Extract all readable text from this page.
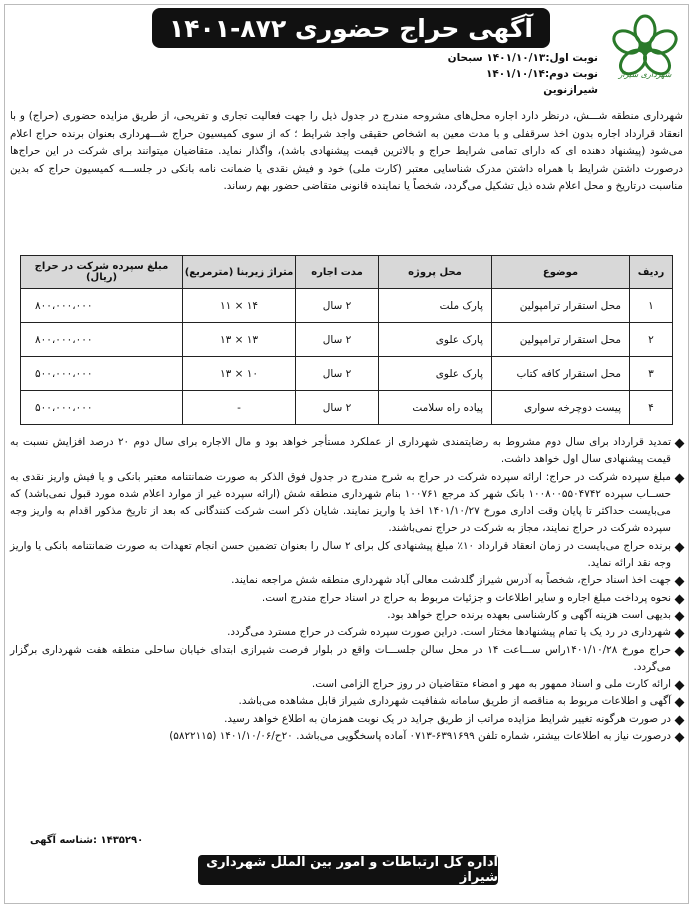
شهرداری شیراز
آگهی حراج حضوری ۸۷۲-۱۴۰۱
نوبت اول:۱۴۰۱/۱۰/۱۳ سبحان
نوبت دوم:۱۴۰۱/۱۰/۱۴ شیرازنوین

شهرداری منطقه شـــش، درنظر دارد اجاره محل‌های مشروحه مندرج در جدول ذیل را جهت فعالیت تجاری و تفریحی، از طریق مزایده حضوری (حراج) و با انعقاد قرارداد اجاره بدون اخذ سرقفلی و با مدت معین به اشخاص حقیقی واجد شرایط ؛ که از سوی کمیسیون حراج شـــهرداری بعنوان برنده حراج اعلام می‌شود (پیشنهاد دهنده ای که دارای تمامی شرایط حراج و بالاترین قیمت پیشنهادی باشد)، واگذار نماید. متقاضیان میتوانند برای شرکت در این حراج‌ها درصورت داشتن شرایط با همراه داشتن مدرک شناسایی معتبر (کارت ملی) خود و فیش نقدی یا ضمانت نامه بانکی در جلســـه کمیسیون حراج که بدین مناسبت درتاریخ و محل اعلام شده ذیل تشکیل می‌گردد، شخصاً یا نماینده قانونی متقاضی حضور بهم رساند.

ردیف	موضوع	محل پروژه	مدت اجاره	متراژ زیربنا (مترمربع)	مبلغ سپرده شرکت در حراج (ریال)
۱	محل استقرار ترامپولین	پارک ملت	۲ سال	۱۴ × ۱۱	۸۰۰،۰۰۰،۰۰۰
۲	محل استقرار ترامپولین	پارک علوی	۲ سال	۱۳ × ۱۳	۸۰۰،۰۰۰،۰۰۰
۳	محل استقرار کافه کتاب	پارک علوی	۲ سال	۱۰ × ۱۳	۵۰۰،۰۰۰،۰۰۰
۴	پیست دوچرخه سواری	پیاده راه سلامت	۲ سال	-	۵۰۰،۰۰۰،۰۰۰
تمدید قرارداد برای سال دوم مشروط به رضایتمندی شهرداری از عملکرد مستأجر خواهد بود و مال الاجاره برای سال دوم ۲۰ درصد افزایش نسبت به قیمت پیشنهادی سال اول خواهد داشت.
مبلغ سپرده شرکت در حراج: ارائه سپرده شرکت در حراج به شرح مندرج در جدول فوق الذکر به صورت ضمانتنامه معتبر بانکی و یا فیش واریز نقدی به حســاب سپرده ۱۰۰۸۰۰۵۵۰۴۷۴۲ بانک شهر کد مرجع ۱۰۰۷۶۱ بنام شهرداری منطقه شش (ارائه سپرده غیر از موارد اعلام شده مورد قبول نمی‌باشد) که می‌بایست حداکثر تا پایان وقت اداری مورخ ۱۴۰۱/۱۰/۲۷ اخذ یا واریز نمایند. شایان ذکر است شرکت کنندگانی که بعد از تاریخ مذکور اقدام به واریز وجه سپرده شرکت در حراج نمایند، مجاز به شرکت در حراج نمی‌باشند.
برنده حراج می‌بایست در زمان انعقاد قرارداد ۱۰٪ مبلغ پیشنهادی کل برای ۲ سال را بعنوان تضمین حسن انجام تعهدات به صورت ضمانتنامه بانکی یا واریز وجه نقد ارائه نماید.
جهت اخذ اسناد حراج، شخصاً به آدرس شیراز گلدشت معالی آباد شهرداری منطقه شش مراجعه نمایند.
نحوه پرداخت مبلغ اجاره و سایر اطلاعات و جزئیات مربوط به حراج در اسناد حراج مندرج است.
بدیهی است هزینه آگهی و کارشناسی بعهده برنده حراج خواهد بود.
شهرداری در رد یک یا تمام پیشنهادها مختار است. دراین صورت سپرده شرکت در حراج مسترد می‌گردد.
حراج مورخ ۱۴۰۱/۱۰/۲۸راس ســـاعت ۱۴ در محل سالن جلســـات واقع در بلوار فرصت شیرازی ابتدای خیابان ساحلی منطقه هفت شهرداری برگزار می‌گردد.
ارائه کارت ملی و اسناد ممهور به مهر و امضاء متقاضیان در روز حراج الزامی است.
آگهی و اطلاعات مربوط به مناقصه از طریق سامانه شفافیت شهرداری شیراز قابل مشاهده می‌باشد.
در صورت هرگونه تغییر شرایط مزایده مراتب از طریق جراید در یک نوبت همزمان به اطلاع خواهد رسید.
درصورت نیاز به اطلاعات بیشتر، شماره تلفن ۶۳۹۱۶۹۹-۰۷۱۳ آماده پاسخگویی می‌باشد. ۲۰ح/۱۴۰۱/۱۰/۰۶ (۵۸۲۲۱۱۵)
۱۴۳۵۲۹۰ :شناسه آگهی
اداره کل ارتباطات و امور بین الملل شهرداری شیراز
